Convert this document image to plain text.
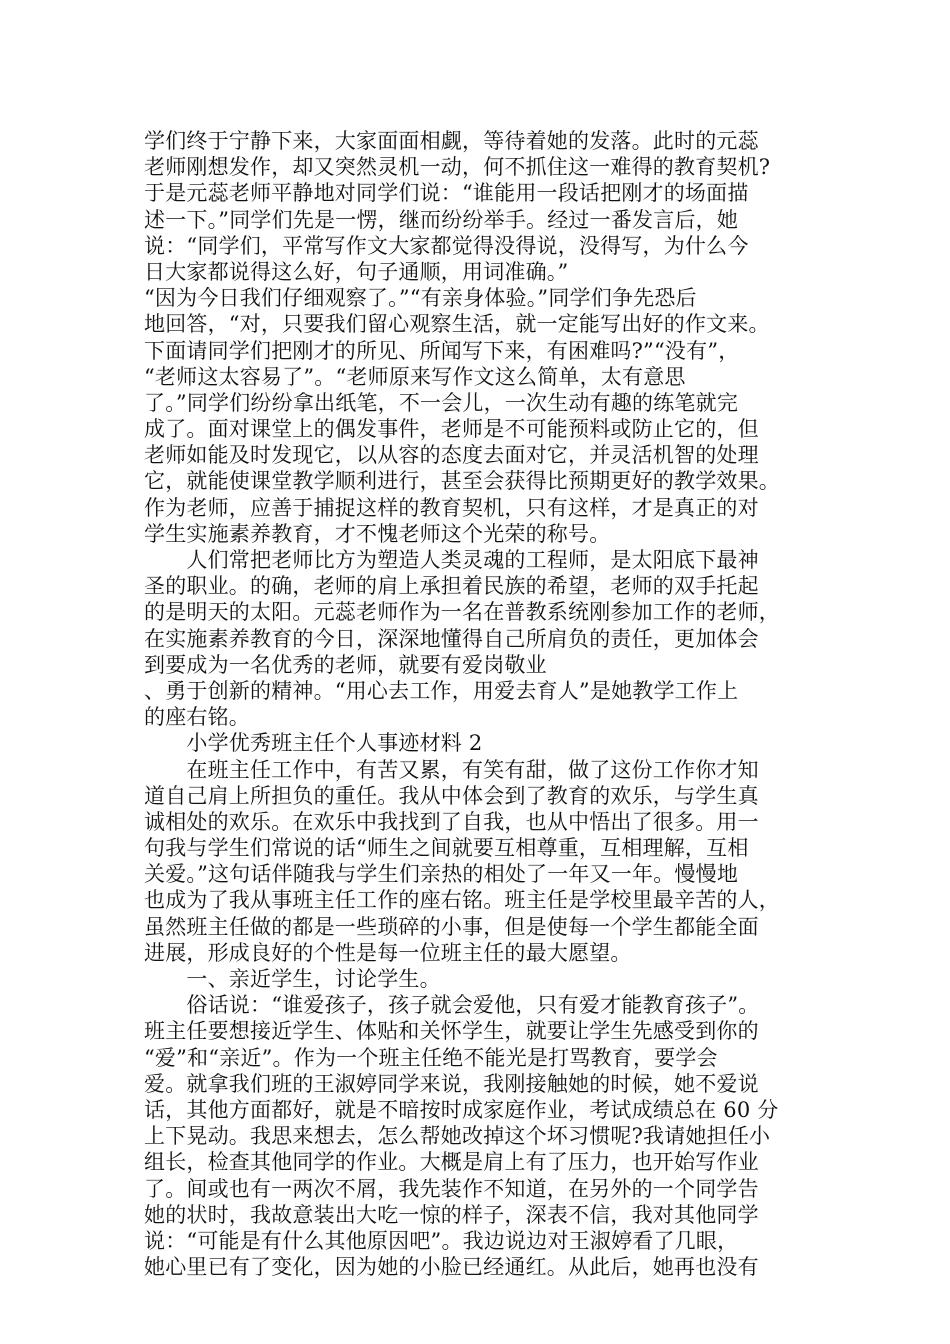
学们终于宁静下来，大家面面相觑，等待着她的发落。此时的元蕊
老师刚想发作，却又突然灵机一动，何不抓住这一难得的教育契机?
于是元蕊老师平静地对同学们说：“谁能用一段话把刚才的场面描
述一下。”同学们先是一愣，继而纷纷举手。经过一番发言后，她
说：“同学们，平常写作文大家都觉得没得说，没得写，为什么今
日大家都说得这么好，句子通顺，用词准确。”
“因为今日我们仔细观察了。”“有亲身体验。”同学们争先恐后
地回答，“对，只要我们留心观察生活，就一定能写出好的作文来。
下面请同学们把刚才的所见、所闻写下来，有困难吗?”“没有”，
“老师这太容易了”。“老师原来写作文这么简单，太有意思
了。”同学们纷纷拿出纸笔，不一会儿，一次生动有趣的练笔就完
成了。面对课堂上的偶发事件，老师是不可能预料或防止它的，但
老师如能及时发现它，以从容的态度去面对它，并灵活机智的处理
它，就能使课堂教学顺利进行，甚至会获得比预期更好的教学效果。
作为老师，应善于捕捉这样的教育契机，只有这样，才是真正的对
学生实施素养教育，才不愧老师这个光荣的称号。
　　人们常把老师比方为塑造人类灵魂的工程师，是太阳底下最神
圣的职业。的确，老师的肩上承担着民族的希望，老师的双手托起
的是明天的太阳。元蕊老师作为一名在普教系统刚参加工作的老师，
在实施素养教育的今日，深深地懂得自己所肩负的责任，更加体会
到要成为一名优秀的老师，就要有爱岗敬业
、勇于创新的精神。“用心去工作，用爱去育人”是她教学工作上
的座右铭。
　　小学优秀班主任个人事迹材料 2
　　在班主任工作中，有苦又累，有笑有甜，做了这份工作你才知
道自己肩上所担负的重任。我从中体会到了教育的欢乐，与学生真
诚相处的欢乐。在欢乐中我找到了自我，也从中悟出了很多。用一
句我与学生们常说的话“师生之间就要互相尊重，互相理解，互相
关爱。”这句话伴随我与学生们亲热的相处了一年又一年。慢慢地
也成为了我从事班主任工作的座右铭。班主任是学校里最辛苦的人，
虽然班主任做的都是一些琐碎的小事，但是使每一个学生都能全面
进展，形成良好的个性是每一位班主任的最大愿望。
　　一、亲近学生，讨论学生。
　　俗话说：“谁爱孩子，孩子就会爱他，只有爱才能教育孩子”。
班主任要想接近学生、体贴和关怀学生，就要让学生先感受到你的
“爱”和“亲近”。作为一个班主任绝不能光是打骂教育，要学会
爱。就拿我们班的王淑婷同学来说，我刚接触她的时候，她不爱说
话，其他方面都好，就是不暗按时成家庭作业，考试成绩总在 60 分
上下晃动。我思来想去，怎么帮她改掉这个坏习惯呢?我请她担任小
组长，检查其他同学的作业。大概是肩上有了压力，也开始写作业
了。间或也有一两次不屑，我先装作不知道，在另外的一个同学告
她的状时，我故意装出大吃一惊的样子，深表不信，我对其他同学
说：“可能是有什么其他原因吧”。我边说边对王淑婷看了几眼，
她心里已有了变化，因为她的小脸已经通红。从此后，她再也没有
